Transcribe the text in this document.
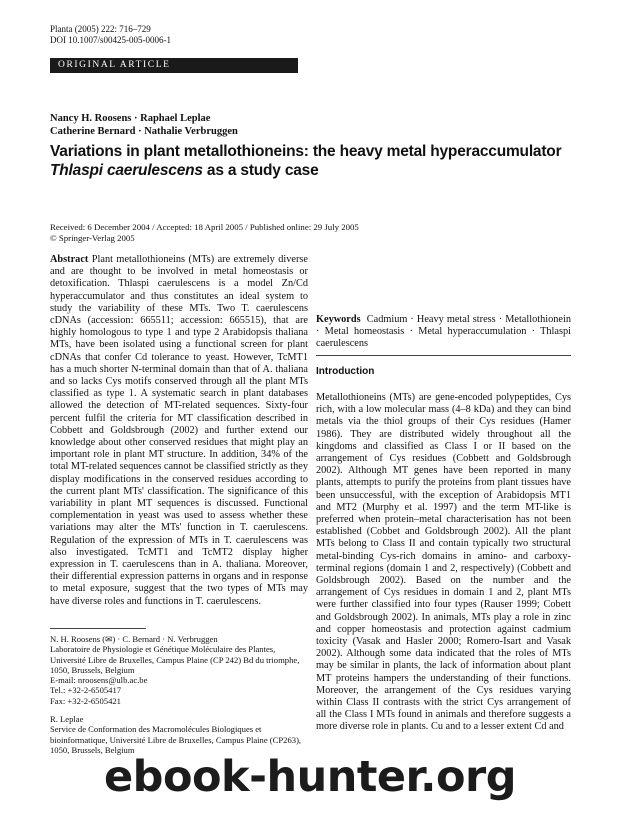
Planta (2005) 222: 716–729
DOI 10.1007/s00425-005-0006-1
ORIGINAL ARTICLE
Nancy H. Roosens · Raphael Leplae
Catherine Bernard · Nathalie Verbruggen
Variations in plant metallothioneins: the heavy metal hyperaccumulator
Thlaspi caerulescens as a study case
Received: 6 December 2004 / Accepted: 18 April 2005 / Published online: 29 July 2005
© Springer-Verlag 2005

Abstract Plant metallothioneins (MTs) are extremely diverse and are thought to be involved in metal homeostasis or detoxification. Thlaspi caerulescens is a model Zn/Cd hyperaccumulator and thus constitutes an ideal system to study the variability of these MTs. Two T. caerulescens cDNAs (accession: 665511; accession: 665515), that are highly homologous to type 1 and type 2 Arabidopsis thaliana MTs, have been isolated using a functional screen for plant cDNAs that confer Cd tolerance to yeast. However, TcMT1 has a much shorter N-terminal domain than that of A. thaliana and so lacks Cys motifs conserved through all the plant MTs classified as type 1. A systematic search in plant databases allowed the detection of MT-related sequences. Sixty-four percent fulfil the criteria for MT classification described in Cobbett and Goldsbrough (2002) and further extend our knowledge about other conserved residues that might play an important role in plant MT structure. In addition, 34% of the total MT-related sequences cannot be classified strictly as they display modifications in the conserved residues according to the current plant MTs' classification. The significance of this variability in plant MT sequences is discussed. Functional complementation in yeast was used to assess whether these variations may alter the MTs' function in T. caerulescens. Regulation of the expression of MTs in T. caerulescens was also investigated. TcMT1 and TcMT2 display higher expression in T. caerulescens than in A. thaliana. Moreover, their differential expression patterns in organs and in response to metal exposure, suggest that the two types of MTs may have diverse roles and functions in T. caerulescens.

Keywords Cadmium · Heavy metal stress · Metallothionein · Metal homeostasis · Metal hyperaccumulation · Thlaspi caerulescens

Introduction

Metallothioneins (MTs) are gene-encoded polypeptides, Cys rich, with a low molecular mass (4–8 kDa) and they can bind metals via the thiol groups of their Cys residues (Hamer 1986). They are distributed widely throughout all the kingdoms and classified as Class I or II based on the arrangement of Cys residues (Cobbett and Goldsbrough 2002). Although MT genes have been reported in many plants, attempts to purify the proteins from plant tissues have been unsuccessful, with the exception of Arabidopsis MT1 and MT2 (Murphy et al. 1997) and the term MT-like is preferred when protein–metal characterisation has not been established (Cobbet and Goldsbrough 2002). All the plant MTs belong to Class II and contain typically two structural metal-binding Cys-rich domains in amino- and carboxy-terminal regions (domain 1 and 2, respectively) (Cobbett and Goldsbrough 2002). Based on the number and the arrangement of Cys residues in domain 1 and 2, plant MTs were further classified into four types (Rauser 1999; Cobett and Goldsbrough 2002). In animals, MTs play a role in zinc and copper homeostasis and protection against cadmium toxicity (Vasak and Hasler 2000; Romero-Isart and Vasak 2002). Although some data indicated that the roles of MTs may be similar in plants, the lack of information about plant MT proteins hampers the understanding of their functions. Moreover, the arrangement of the Cys residues varying within Class II contrasts with the strict Cys arrangement of all the Class I MTs found in animals and therefore suggests a more diverse role in plants. Cu and to a lesser extent Cd and

N. H. Roosens (✉) · C. Bernard · N. Verbruggen

Laboratoire de Physiologie et Génétique Moléculaire des Plantes, Université Libre de Bruxelles, Campus Plaine (CP 242) Bd du triomphe, 1050, Brussels, Belgium

E-mail: nroosens@ulb.ac.be

Tel.: +32-2-6505417

Fax: +32-2-6505421

R. Leplae

Service de Conformation des Macromolécules Biologiques et bioinformatique, Université Libre de Bruxelles, Campus Plaine (CP263), 1050, Brussels, Belgium

ebook-hunter.org
